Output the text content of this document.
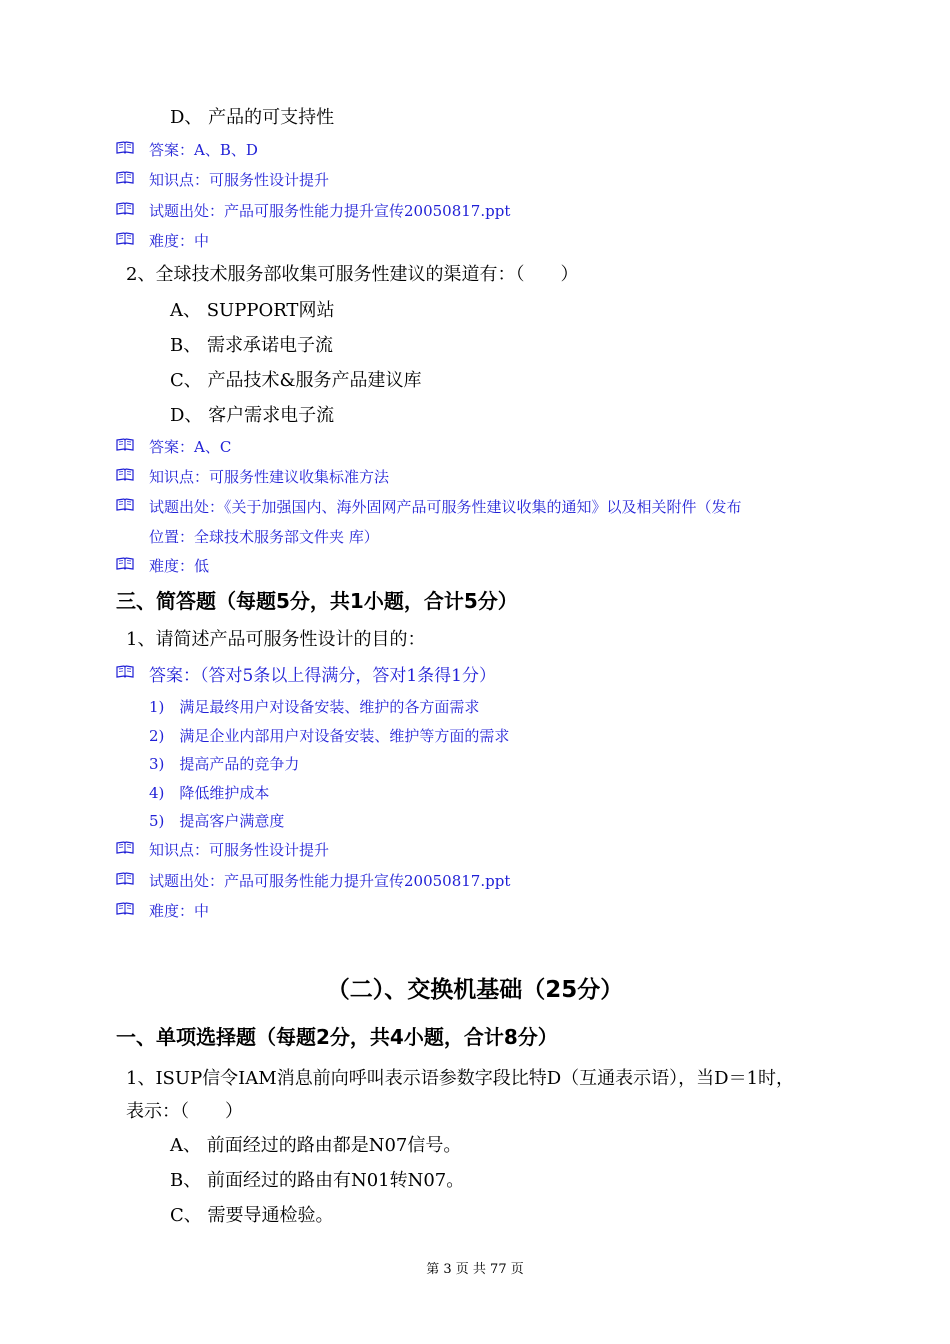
D、 产品的可支持性
答案：A、B、D
知识点：可服务性设计提升
试题出处：产品可服务性能力提升宣传20050817.ppt
难度：中
2、全球技术服务部收集可服务性建议的渠道有：（　　）
A、 SUPPORT网站
B、 需求承诺电子流
C、 产品技术&服务产品建议库
D、 客户需求电子流
答案：A、C
知识点：可服务性建议收集标准方法
试题出处：《关于加强国内、海外固网产品可服务性建议收集的通知》以及相关附件（发布
位置：全球技术服务部文件夹 库）
难度：低
三、简答题（每题5分，共1小题，合计5分）
1、请简述产品可服务性设计的目的：
答案：（答对5条以上得满分，答对1条得1分）
1)　满足最终用户对设备安装、维护的各方面需求
2)　满足企业内部用户对设备安装、维护等方面的需求
3)　提高产品的竞争力
4)　降低维护成本
5)　提高客户满意度
知识点：可服务性设计提升
试题出处：产品可服务性能力提升宣传20050817.ppt
难度：中
（二）、交换机基础（25分）
一、单项选择题（每题2分，共4小题，合计8分）
1、ISUP信令IAM消息前向呼叫表示语参数字段比特D（互通表示语），当D＝1时，
表示：（　　）
A、 前面经过的路由都是N07信号。
B、 前面经过的路由有N01转N07。
C、 需要导通检验。
第 3 页 共 77 页
